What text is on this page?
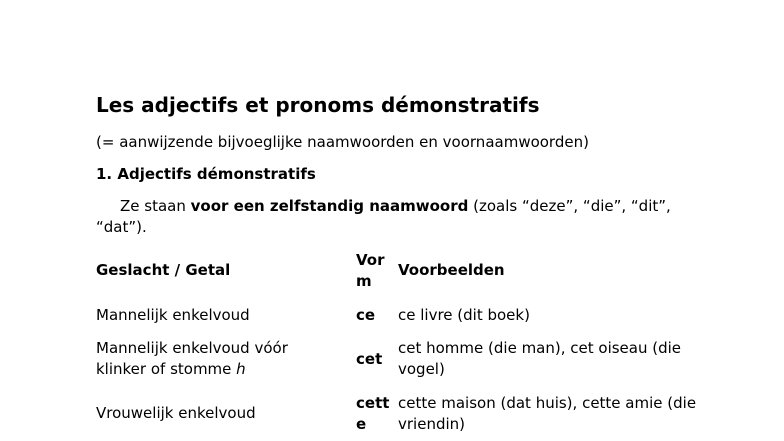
Les adjectifs et pronoms démonstratifs

(= aanwijzende bijvoeglijke naamwoorden en voornaamwoorden)

1. Adjectifs démonstratifs

Ze staan voor een zelfstandig naamwoord (zoals “deze”, “die”, “dit”, “dat”).

Geslacht / Getal
Vorm
Voorbeelden
Mannelijk enkelvoud	ce	ce livre (dit boek)
Mannelijk enkelvoud vóór klinker of stomme h
cet
cet homme (die man), cet oiseau (die vogel)
Vrouwelijk enkelvoud
cette
cette maison (dat huis), cette amie (die vriendin)
